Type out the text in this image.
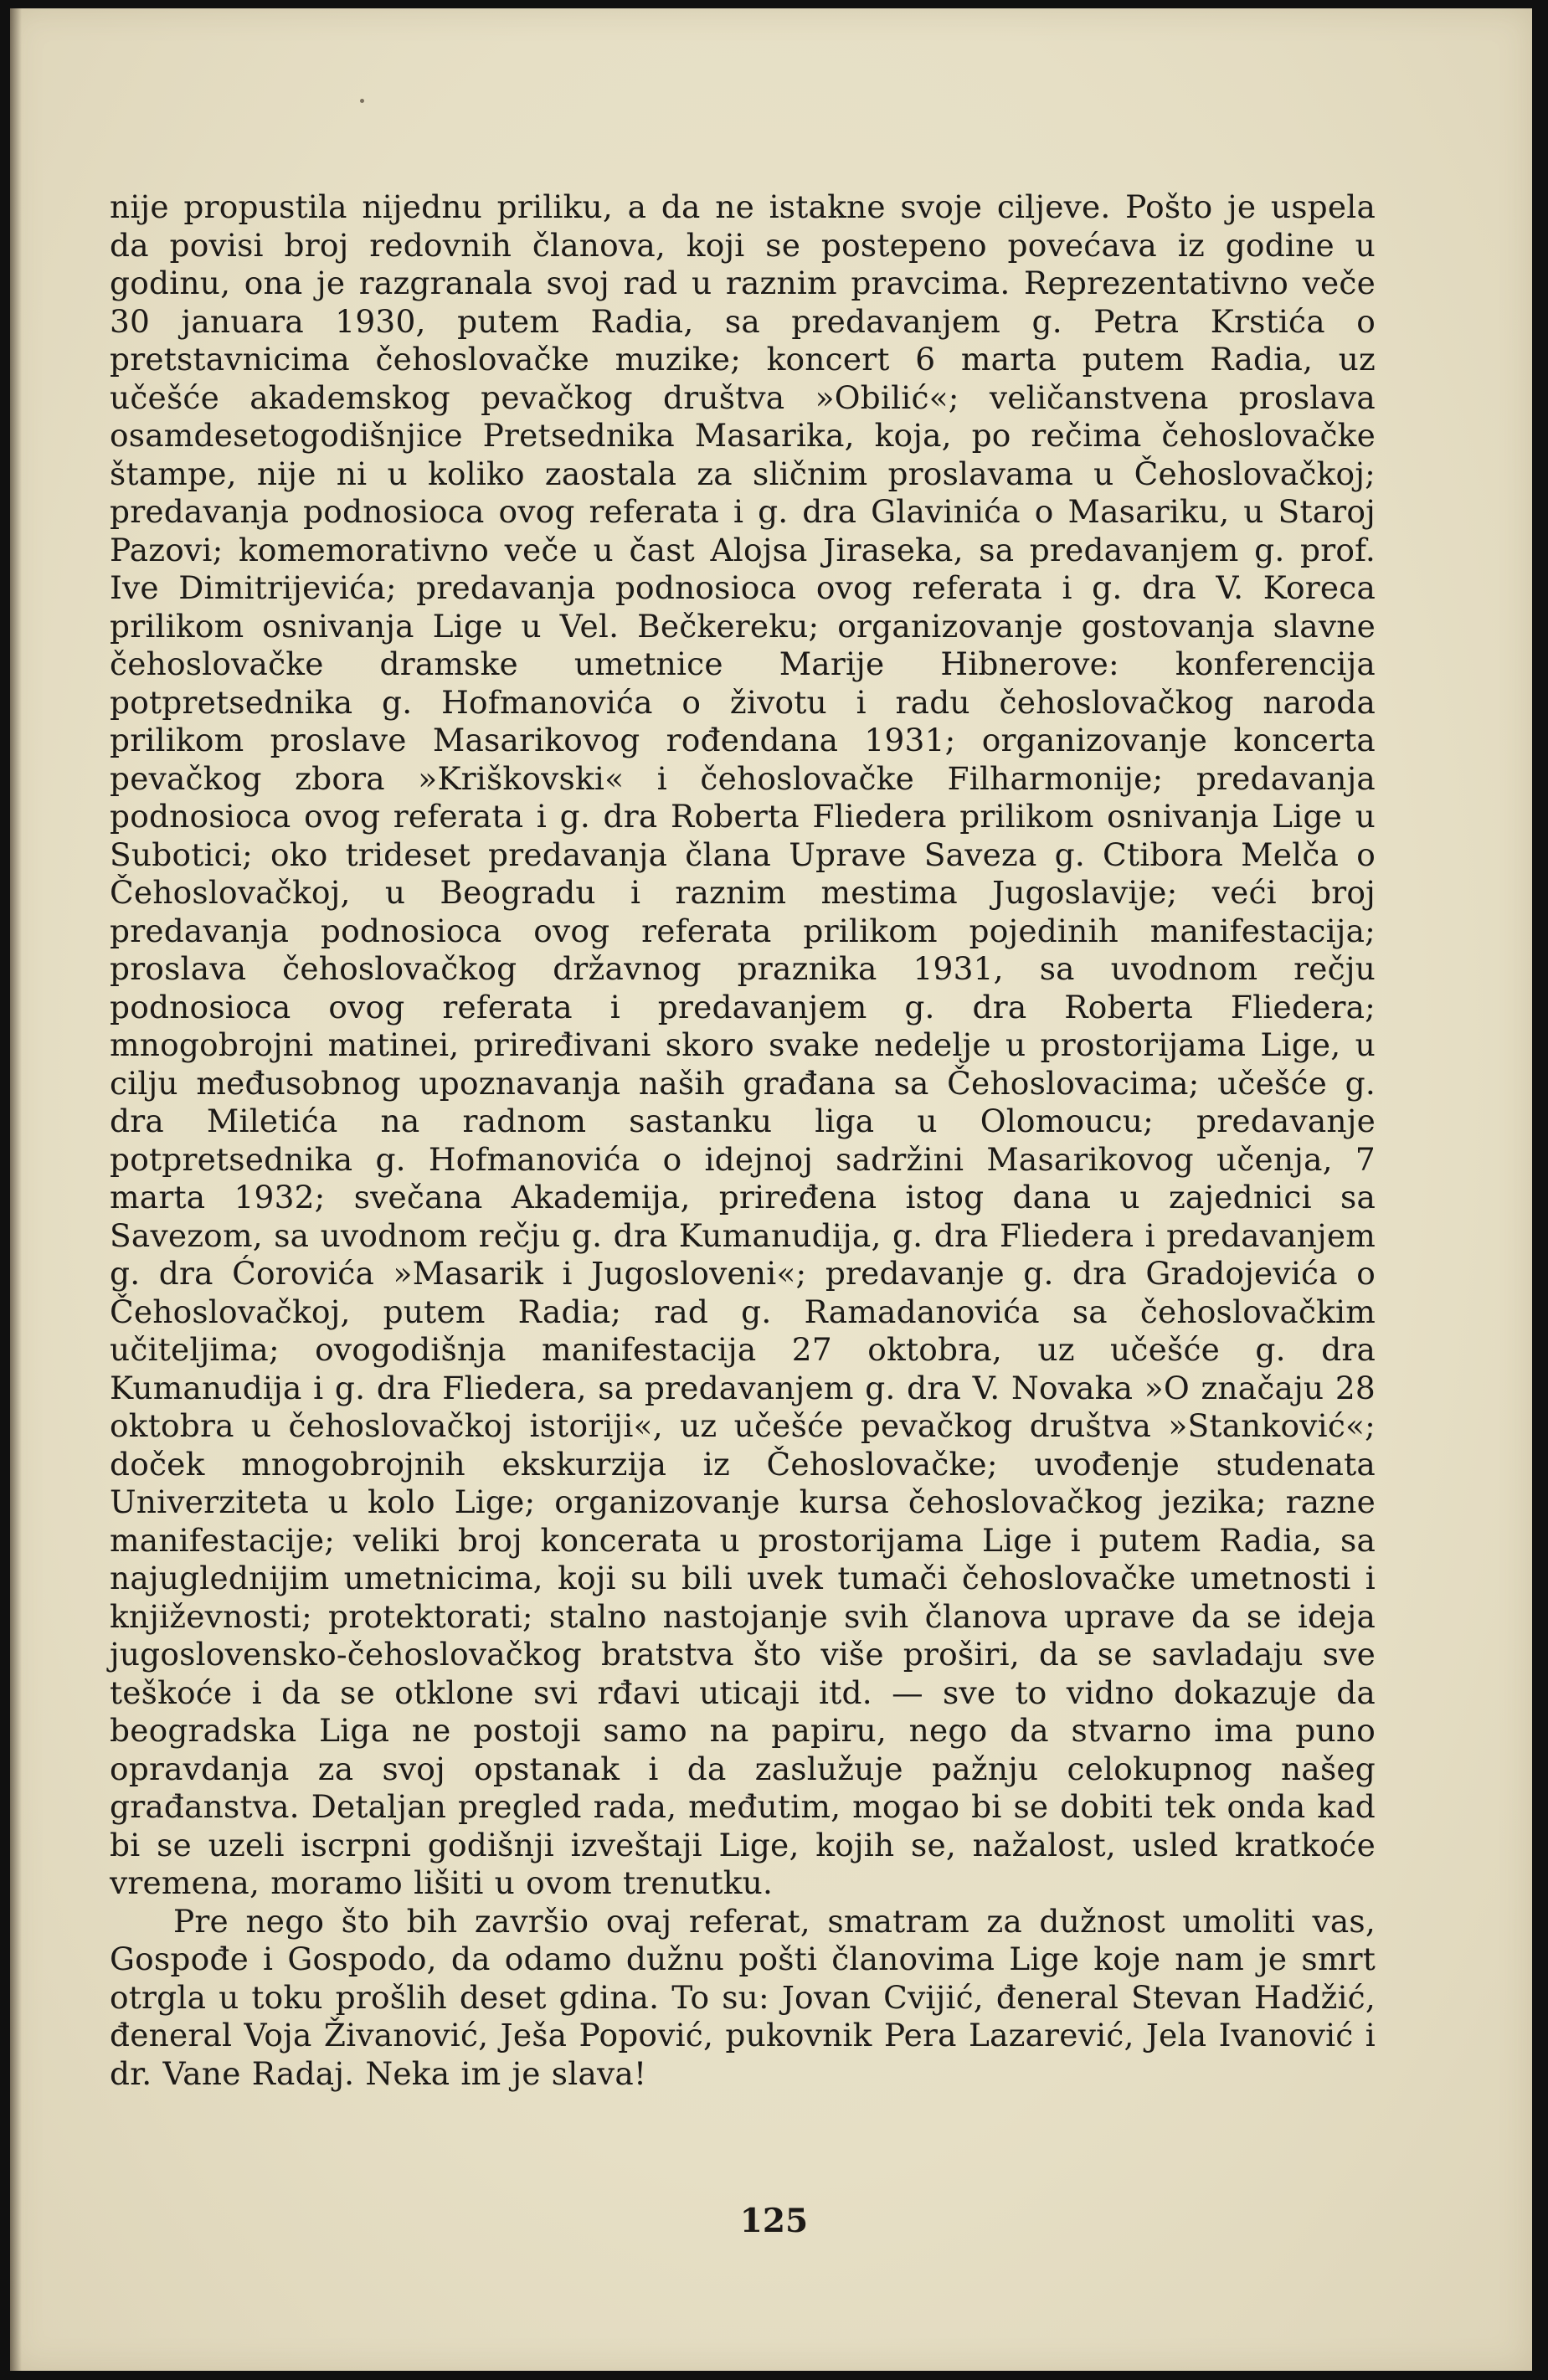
nije propustila nijednu priliku, a da ne istakne svoje ciljeve. Pošto je uspela da povisi broj redovnih članova, koji se postepeno povećava iz godine u godinu, ona je razgranala svoj rad u raznim pravcima. Reprezentativno veče 30 januara 1930, putem Radia, sa predavanjem g. Petra Krstića o pretstavnicima čehoslovačke muzike; koncert 6 marta putem Radia, uz učešće akademskog pevačkog društva »Obilić«; veličanstvena proslava osamdesetogodišnjice Pretsednika Masarika, koja, po rečima čehoslovačke štampe, nije ni u koliko zaostala za sličnim proslavama u Čehoslovačkoj; predavanja podnosioca ovog referata i g. dra Glavinića o Masariku, u Staroj Pazovi; komemorativno veče u čast Alojsa Jiraseka, sa predavanjem g. prof. Ive Dimitrijevića; predavanja podnosioca ovog referata i g. dra V. Koreca prilikom osnivanja Lige u Vel. Bečkereku; organizovanje gostovanja slavne čehoslovačke dramske umetnice Marije Hibnerove: konferencija potpretsednika g. Hofmanovića o životu i radu čehoslovačkog naroda prilikom proslave Masarikovog rođendana 1931; organizovanje koncerta pevačkog zbora »Kriškovski« i čehoslovačke Filharmonije; predavanja podnosioca ovog referata i g. dra Roberta Fliedera prilikom osnivanja Lige u Subotici; oko trideset predavanja člana Uprave Saveza g. Ctibora Melča o Čehoslovačkoj, u Beogradu i raznim mestima Jugoslavije; veći broj predavanja podnosioca ovog referata prilikom pojedinih manifestacija; proslava čehoslovačkog državnog praznika 1931, sa uvodnom rečju podnosioca ovog referata i predavanjem g. dra Roberta Fliedera; mnogobrojni matinei, priređivani skoro svake nedelje u prostorijama Lige, u cilju međusobnog upoznavanja naših građana sa Čehoslovacima; učešće g. dra Miletića na radnom sastanku liga u Olomoucu; predavanje potpretsednika g. Hofmanovića o idejnoj sadržini Masarikovog učenja, 7 marta 1932; svečana Akademija, priređena istog dana u zajednici sa Savezom, sa uvodnom rečju g. dra Kumanudija, g. dra Fliedera i predavanjem g. dra Ćorovića »Masarik i Jugosloveni«; predavanje g. dra Gradojevića o Čehoslovačkoj, putem Radia; rad g. Ramadanovića sa čehoslovačkim učiteljima; ovogodišnja manifestacija 27 oktobra, uz učešće g. dra Kumanudija i g. dra Fliedera, sa predavanjem g. dra V. Novaka »O značaju 28 oktobra u čehoslovačkoj istoriji«, uz učešće pevačkog društva »Stanković«; doček mnogobrojnih ekskurzija iz Čehoslovačke; uvođenje studenata Univerziteta u kolo Lige; organizovanje kursa čehoslovačkog jezika; razne manifestacije; veliki broj koncerata u prostorijama Lige i putem Radia, sa najuglednijim umetnicima, koji su bili uvek tumači čehoslovačke umetnosti i književnosti; protektorati; stalno nastojanje svih članova uprave da se ideja jugoslovensko-čehoslovačkog bratstva što više proširi, da se savladaju sve teškoće i da se otklone svi rđavi uticaji itd. — sve to vidno dokazuje da beogradska Liga ne postoji samo na papiru, nego da stvarno ima puno opravdanja za svoj opstanak i da zaslužuje pažnju celokupnog našeg građanstva. Detaljan pregled rada, međutim, mogao bi se dobiti tek onda kad bi se uzeli iscrpni godišnji izveštaji Lige, kojih se, nažalost, usled kratkoće vremena, moramo lišiti u ovom trenutku.

Pre nego što bih završio ovaj referat, smatram za dužnost umoliti vas, Gospođe i Gospodo, da odamo dužnu pošti članovima Lige koje nam je smrt otrgla u toku prošlih deset gdina. To su: Jovan Cvijić, đeneral Stevan Hadžić, đeneral Voja Živanović, Ješa Popović, pukovnik Pera Lazarević, Jela Ivanović i dr. Vane Radaj. Neka im je slava!

125
